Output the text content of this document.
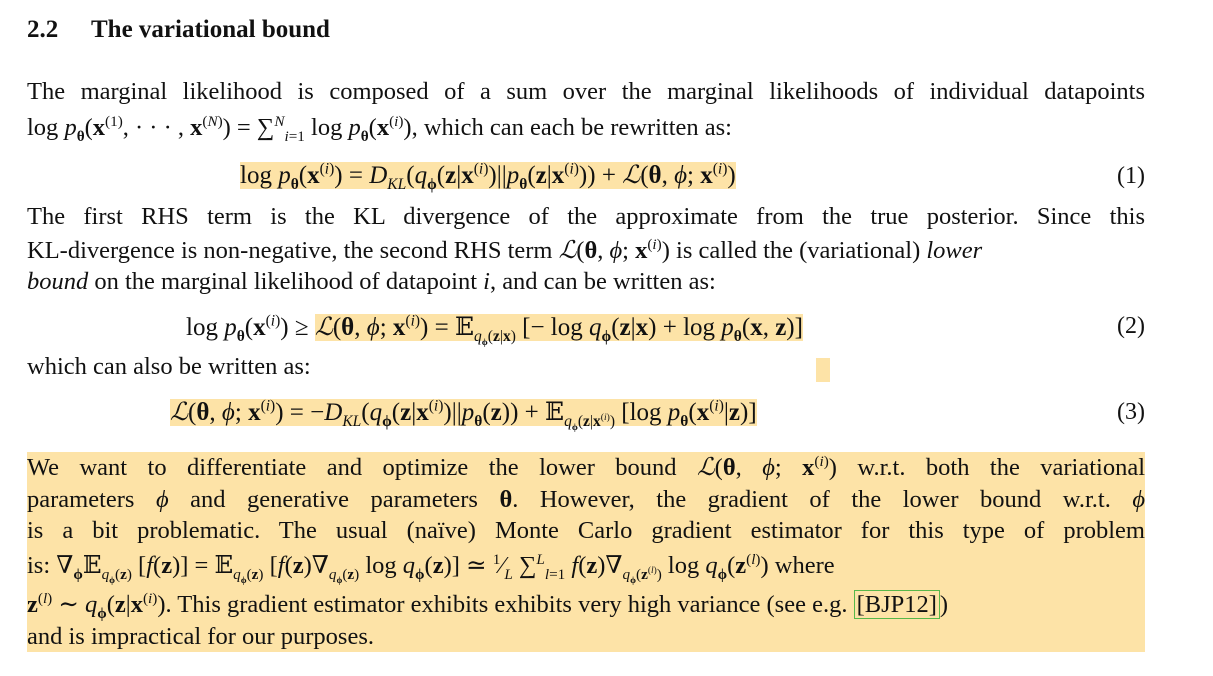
2.2 The variational bound
The marginal likelihood is composed of a sum over the marginal likelihoods of individual datapoints
$\log p_\theta(x^{(1)}$, · · · , $x^{(N)}) = \sum^N_{i=1}$ $\log p_\theta(x^{(i)})$, which can each be rewritten as:
$\log p_\theta(x^{(i)}) = D_{KL}(q_\phi(z|x^{(i)})||p_\theta(z|x^{(i)}))$ + ℒ(θ, ϕ; $x^{(i)}$)	(1)
The first RHS term is the KL divergence of the approximate from the true posterior. Since this
KL-divergence is non-negative, the second RHS term ℒ(θ, ϕ; $x^{(i)}$) is called the (variational) lower
bound on the marginal likelihood of datapoint i, and can be written as:
$\log p_\theta(x^{(i)})$ ≥ ℒ(θ, ϕ; $x^{(i)}$) = 𝔼$_{q_\phi(z|x)}$ [− $\log q_\phi(z|x) + \log p_\theta(x$, z)]	(2)
which can also be written as:
ℒ(θ, ϕ; $x^{(i)}) = -D_{KL}(q_\phi(z|x^{(i)})||p_\theta(z))$ + 𝔼$_{q_\phi(z|x^{(i)})}$ [log $p_\theta(x^{(i)}|z)$]	(3)
We want to differentiate and optimize the lower bound ℒ(θ, ϕ; $x^{(i)}$) w.r.t. both the variational
parameters ϕ and generative parameters θ. However, the gradient of the lower bound w.r.t. ϕ
is a bit problematic. The usual (naïve) Monte Carlo gradient estimator for this type of problem
is: $\nabla_\phi 𝔼_{q_\phi(z)}$ [f(z)] = 𝔼$_{q_\phi(z)}$ [$f(z)\nabla_{q_\phi(z)}$ $\log q_\phi(z)$] ≃ $^1⁄_L$ ∑$^L_{l=1}$ $f(z)\nabla_{q_\phi(z^{(l)})}$ $\log q_\phi(z^{(l)})$ where
$z^{(l)}$ ∼ $q_\phi(z|x^{(i)})$. This gradient estimator exhibits exhibits very high variance (see e.g. [BJP12] )
and is impractical for our purposes.
